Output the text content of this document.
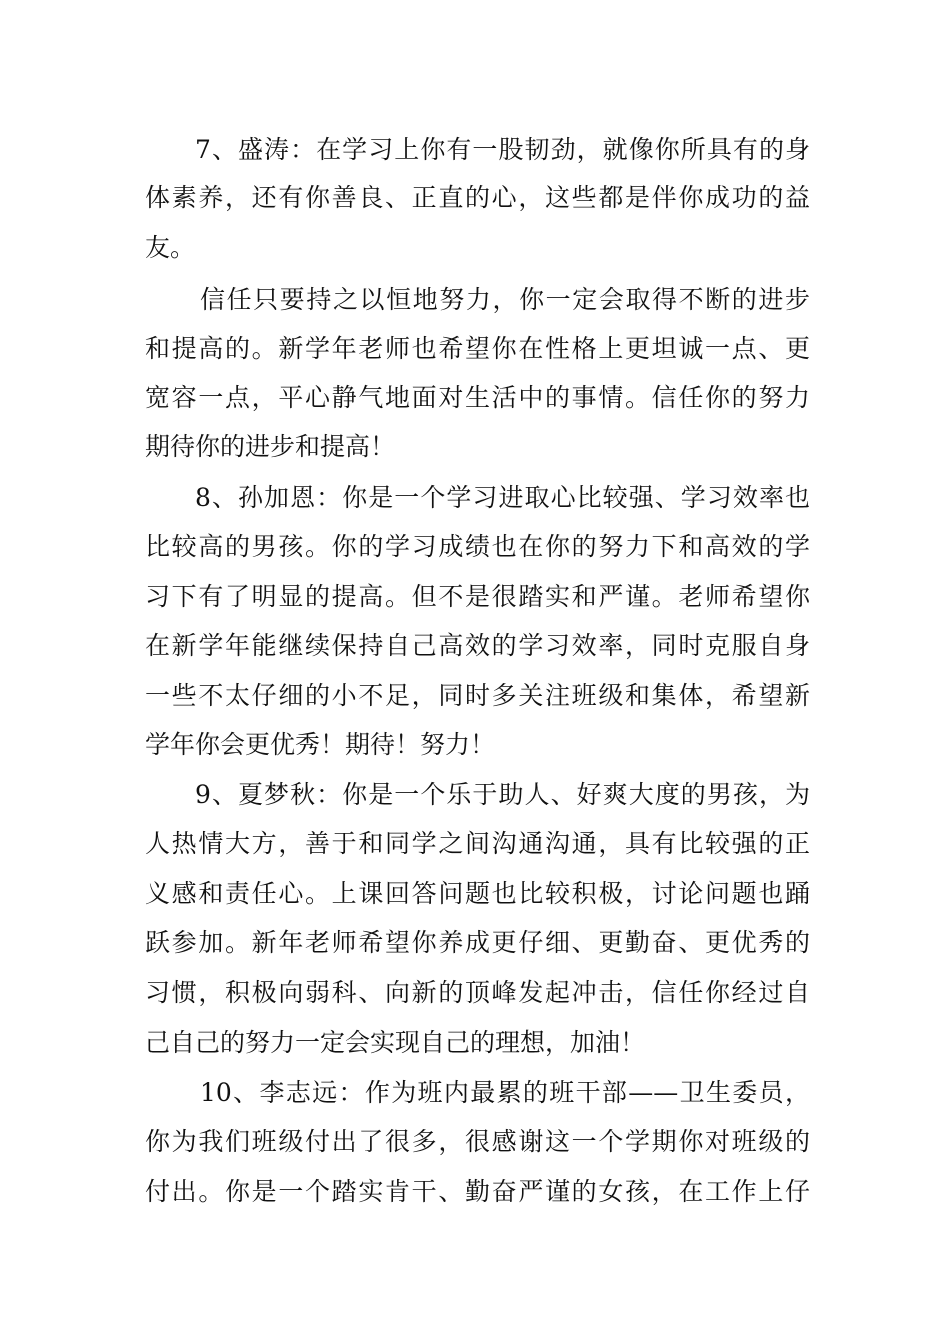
7、盛涛：在学习上你有一股韧劲，就像你所具有的身
体素养，还有你善良、正直的心，这些都是伴你成功的益
友。
信任只要持之以恒地努力，你一定会取得不断的进步
和提高的。新学年老师也希望你在性格上更坦诚一点、更
宽容一点，平心静气地面对生活中的事情。信任你的努力
期待你的进步和提高！
8、孙加恩：你是一个学习进取心比较强、学习效率也
比较高的男孩。你的学习成绩也在你的努力下和高效的学
习下有了明显的提高。但不是很踏实和严谨。老师希望你
在新学年能继续保持自己高效的学习效率，同时克服自身
一些不太仔细的小不足，同时多关注班级和集体，希望新
学年你会更优秀！期待！努力！
9、夏梦秋：你是一个乐于助人、好爽大度的男孩，为
人热情大方，善于和同学之间沟通沟通，具有比较强的正
义感和责任心。上课回答问题也比较积极，讨论问题也踊
跃参加。新年老师希望你养成更仔细、更勤奋、更优秀的
习惯，积极向弱科、向新的顶峰发起冲击，信任你经过自
己自己的努力一定会实现自己的理想，加油！
10、李志远：作为班内最累的班干部——卫生委员，
你为我们班级付出了很多，很感谢这一个学期你对班级的
付出。你是一个踏实肯干、勤奋严谨的女孩，在工作上仔
